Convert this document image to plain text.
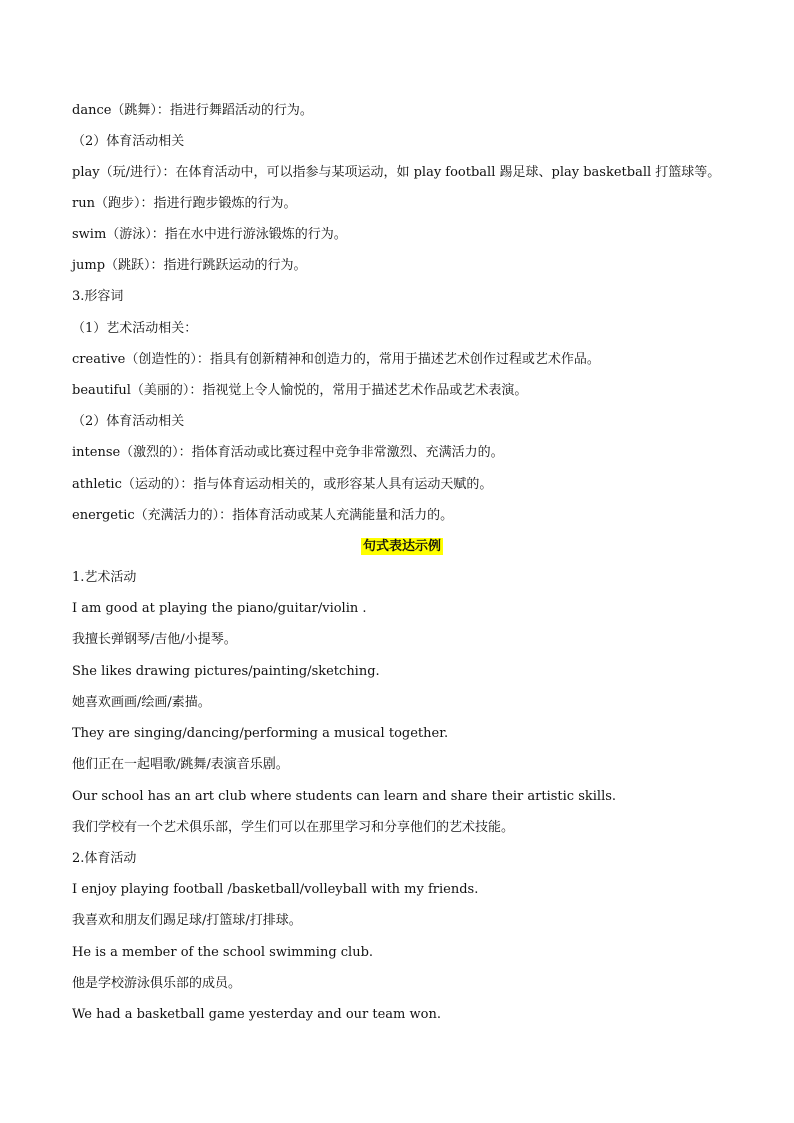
dance（跳舞）：指进行舞蹈活动的行为。
（2）体育活动相关
play（玩/进行）：在体育活动中，可以指参与某项运动，如 play football 踢足球、play basketball 打篮球等。
run（跑步）：指进行跑步锻炼的行为。
swim（游泳）：指在水中进行游泳锻炼的行为。
jump（跳跃）：指进行跳跃运动的行为。
3.形容词
（1）艺术活动相关：
creative（创造性的）：指具有创新精神和创造力的，常用于描述艺术创作过程或艺术作品。
beautiful（美丽的）：指视觉上令人愉悦的，常用于描述艺术作品或艺术表演。
（2）体育活动相关
intense（激烈的）：指体育活动或比赛过程中竞争非常激烈、充满活力的。
athletic（运动的）：指与体育运动相关的，或形容某人具有运动天赋的。
energetic（充满活力的）：指体育活动或某人充满能量和活力的。
句式表达示例
1.艺术活动
I am good at playing the piano/guitar/violin .
我擅长弹钢琴/吉他/小提琴。
She likes drawing pictures/painting/sketching.
她喜欢画画/绘画/素描。
They are singing/dancing/performing a musical together.
他们正在一起唱歌/跳舞/表演音乐剧。
Our school has an art club where students can learn and share their artistic skills.
我们学校有一个艺术俱乐部，学生们可以在那里学习和分享他们的艺术技能。
2.体育活动
I enjoy playing football /basketball/volleyball with my friends.
我喜欢和朋友们踢足球/打篮球/打排球。
He is a member of the school swimming club.
他是学校游泳俱乐部的成员。
We had a basketball game yesterday and our team won.
